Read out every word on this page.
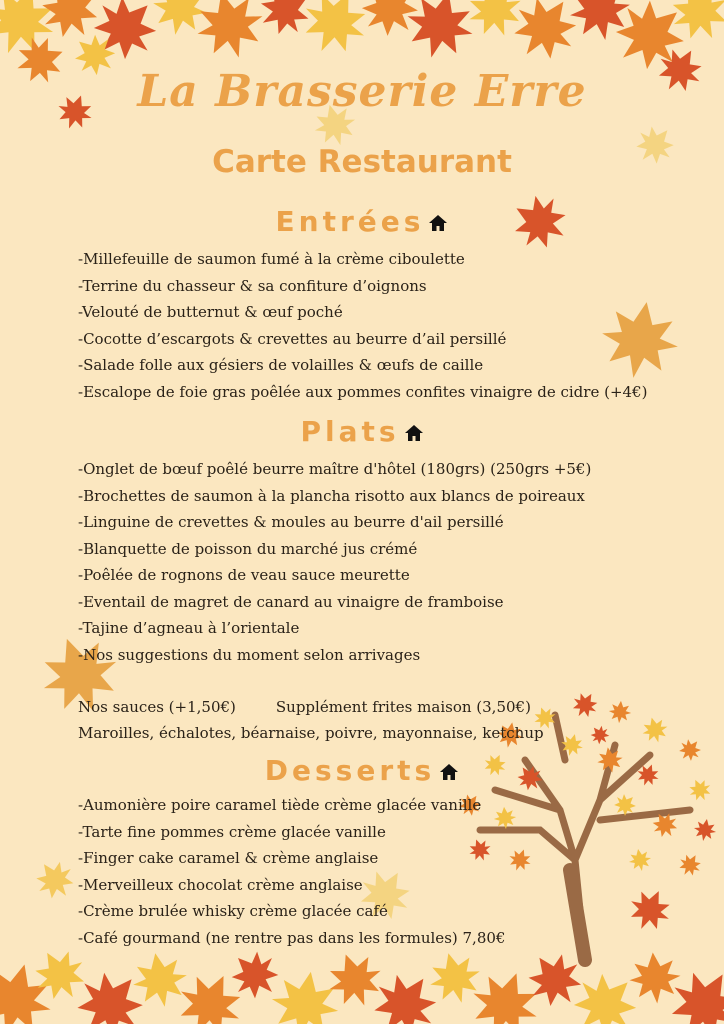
La Brasserie Erre
Carte Restaurant
Entrées
-Millefeuille de saumon fumé à la crème ciboulette
-Terrine du chasseur & sa confiture d’oignons
-Velouté de butternut & œuf poché
-Cocotte d’escargots & crevettes au beurre d’ail persillé
-Salade folle aux gésiers de volailles & œufs de caille
-Escalope de foie gras poêlée aux pommes confites vinaigre de cidre (+4€)
Plats
-Onglet de bœuf poêlé beurre maître d'hôtel (180grs) (250grs +5€)
-Brochettes de saumon à la plancha risotto aux blancs de poireaux
-Linguine de crevettes & moules au beurre d'ail persillé
-Blanquette de poisson du marché jus crémé
-Poêlée de rognons de veau sauce meurette
-Eventail de magret de canard au vinaigre de framboise
-Tajine d’agneau à l’orientale
-Nos suggestions du moment selon arrivages

Nos sauces (+1,50€)	Supplément frites maison (3,50€)

Maroilles, échalotes, béarnaise, poivre, mayonnaise, ketchup

Desserts
-Aumonière poire caramel tiède crème glacée vanille
-Tarte fine pommes crème glacée vanille
-Finger cake caramel & crème anglaise
-Merveilleux chocolat crème anglaise
-Crème brulée whisky crème glacée café
-Café gourmand (ne rentre pas dans les formules) 7,80€
